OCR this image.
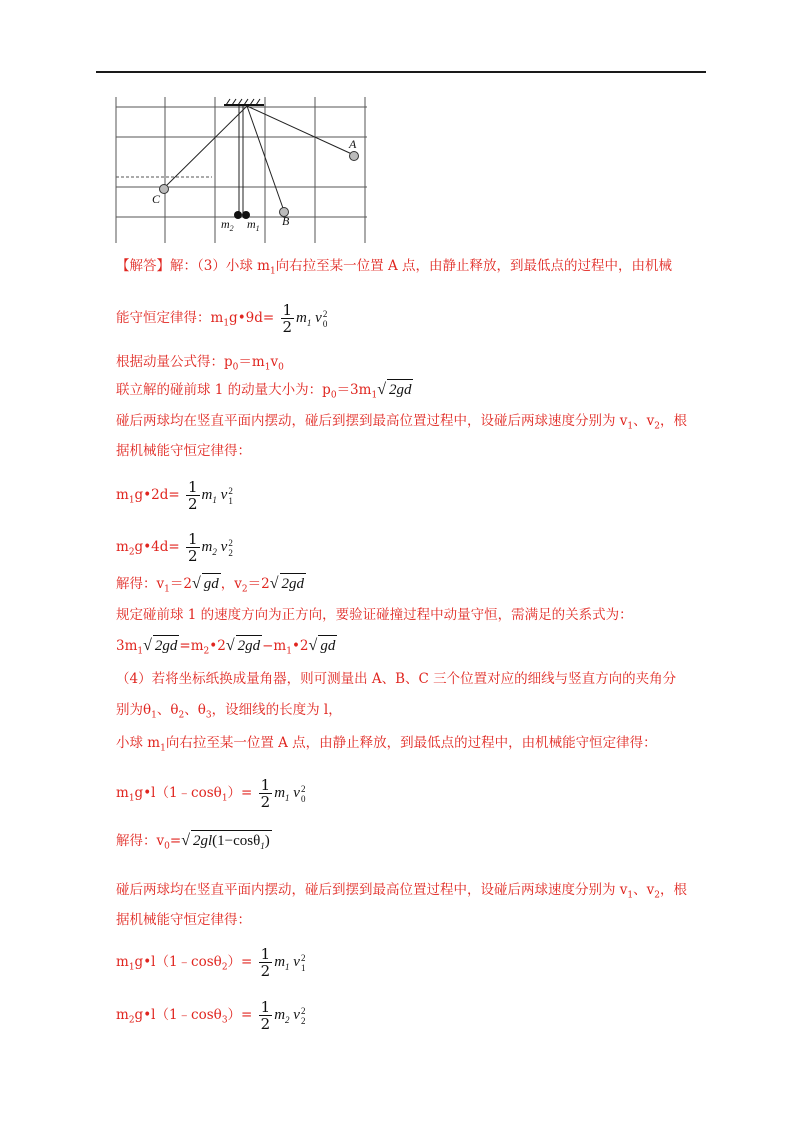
A
B
C
$m_2$ $m_1$
【解答】解：（3）小球 $m_1$向右拉至某一位置 A 点，由静止释放，到最低点的过程中，由机械
能守恒定律得：$m_1g•9d= \frac{1}{2} m_1$ v 2
0
根据动量公式得：$p_0=m_1v_0$
联立解的碰前球 1 的动量大小为：$p_0=3m_1√$ 2gd
碰后两球均在竖直平面内摆动，碰后到摆到最高位置过程中，设碰后两球速度分别为 $v_1$、$v_2$，根
据机械能守恒定律得：
$m_1g•2d= \frac{1}{2} m_1$ v 2
1
$m_2g•4d= \frac{1}{2} m_2$ v 2
2
解得：$v_1=2√$ gd ，$v_2=2√$ 2gd
规定碰前球 1 的速度方向为正方向，要验证碰撞过程中动量守恒，需满足的关系式为：
$3m_1√$ $2gd =m_2•2√$ $2gd -m_1•2√$ gd
（4）若将坐标纸换成量角器，则可测量出 A、B、C 三个位置对应的细线与竖直方向的夹角分
别为$\theta_1$、$\theta_2$、$\theta_3$，设细线的长度为 l，
小球 $m_1$向右拉至某一位置 A 点，由静止释放，到最低点的过程中，由机械能守恒定律得：
$m_1g•l(1﹣\cos\theta_1)= \frac{1}{2} m_1$ v 2
0
解得：$v_0=√$ 2gl(1−cosθ$_1$)
碰后两球均在竖直平面内摆动，碰后到摆到最高位置过程中，设碰后两球速度分别为 $v_1$、$v_2$，根
据机械能守恒定律得：
$m_1g•l(1﹣\cos\theta_2)= \frac{1}{2} m_1$ v 2
1
$m_2g•l(1﹣\cos\theta_3)= \frac{1}{2} m_2$ v 2
2
